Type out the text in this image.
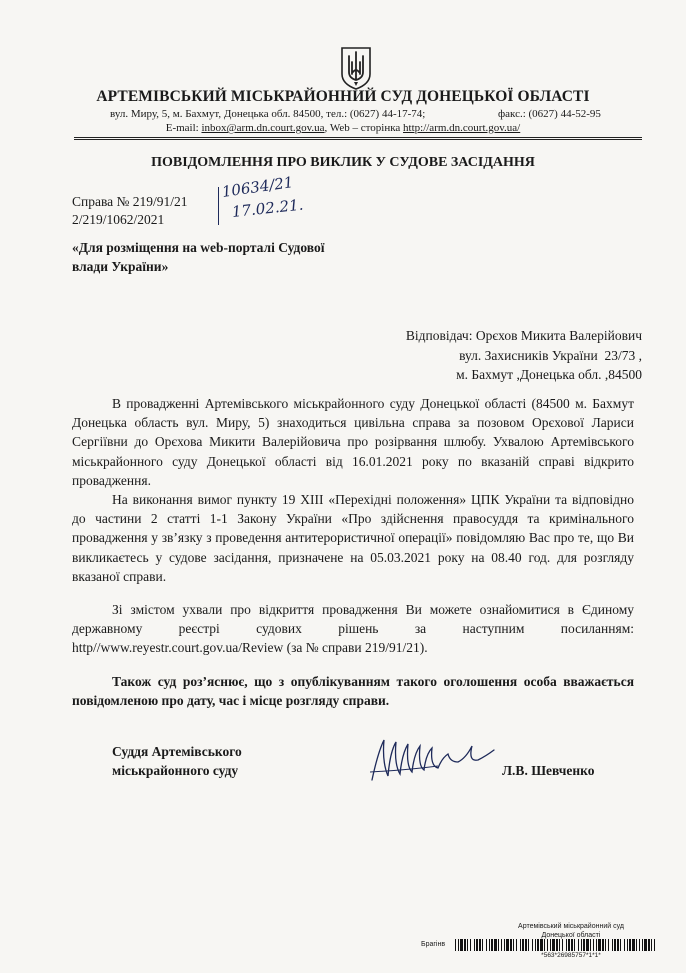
АРТЕМІВСЬКИЙ МІСЬКРАЙОННИЙ СУД ДОНЕЦЬКОЇ ОБЛАСТІ
вул. Миру, 5, м. Бахмут, Донецька обл. 84500, тел.: (0627) 44-17-74;	факс.: (0627) 44-52-95
E-mail: inbox@arm.dn.court.gov.ua, Web – сторінка http://arm.dn.court.gov.ua/
ПОВІДОМЛЕННЯ ПРО ВИКЛИК У СУДОВЕ ЗАСІДАННЯ
Справа № 219/91/21
2/219/1062/2021
10634/21
17.02.21.
«Для розміщення на web-порталі Судової влади України»
Відповідач: Орєхов Микита Валерійович
вул. Захисників України  23/73 ,
м. Бахмут ,Донецька обл. ,84500

В провадженні Артемівського міськрайонного суду Донецької області (84500 м. Бахмут Донецька область вул. Миру, 5) знаходиться цивільна справа за позовом Орєхової Лариси Сергіївни до Орєхова Микити Валерійовича про розірвання шлюбу. Ухвалою Артемівського міськрайонного суду Донецької області від 16.01.2021 року по вказаній справі відкрито провадження.

На виконання вимог пункту 19 XIII «Перехідні положення» ЦПК України та відповідно до частини 2 статті 1-1 Закону України «Про здійснення правосуддя та кримінального провадження у зв’язку з проведення антитерористичної операції» повідомляю Вас про те, що Ви викликаєтесь у судове засідання, призначене на 05.03.2021 року на 08.40 год. для розгляду вказаної справи.

Зі змістом ухвали про відкриття провадження Ви можете ознайомитися в Єдиному державному реєстрі судових рішень за наступним посиланням: http//www.reyestr.court.gov.ua/Review (за № справи 219/91/21).

Також суд роз’яснює, що з опублікуванням такого оголошення особа вважається повідомленою про дату, час і місце розгляду справи.

Суддя Артемівського
міськрайонного суду	Л.В. Шевченко
Артемівський міськрайонний суд
Донецької області
Брагінв
*563*26985757*1*1*
